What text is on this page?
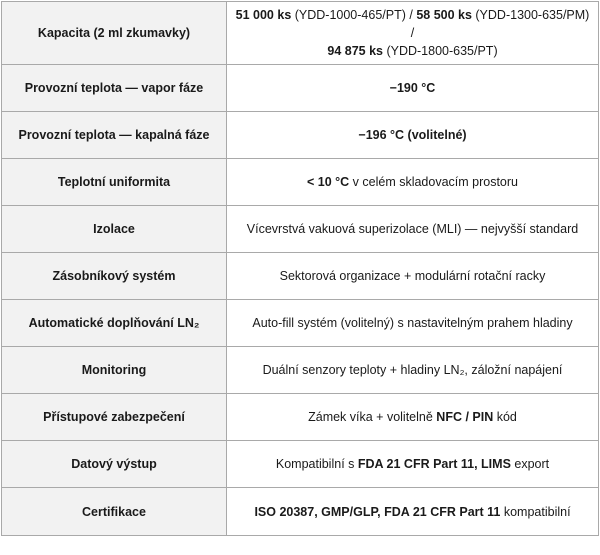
Kapacita (2 ml zkumavky)	51 000 ks (YDD-1000-465/PT) / 58 500 ks (YDD-1300-635/PM) /
94 875 ks (YDD-1800-635/PT)
Provozní teplota — vapor fáze	−190 °C
Provozní teplota — kapalná fáze	−196 °C (volitelné)
Teplotní uniformita	< 10 °C v celém skladovacím prostoru
Izolace	Vícevrstvá vakuová superizolace (MLI) — nejvyšší standard
Zásobníkový systém	Sektorová organizace + modulární rotační racky
Automatické doplňování LN₂	Auto-fill systém (volitelný) s nastavitelným prahem hladiny
Monitoring	Duální senzory teploty + hladiny LN₂, záložní napájení
Přístupové zabezpečení	Zámek víka + volitelně NFC / PIN kód
Datový výstup	Kompatibilní s FDA 21 CFR Part 11, LIMS export
Certifikace	ISO 20387, GMP/GLP, FDA 21 CFR Part 11 kompatibilní
